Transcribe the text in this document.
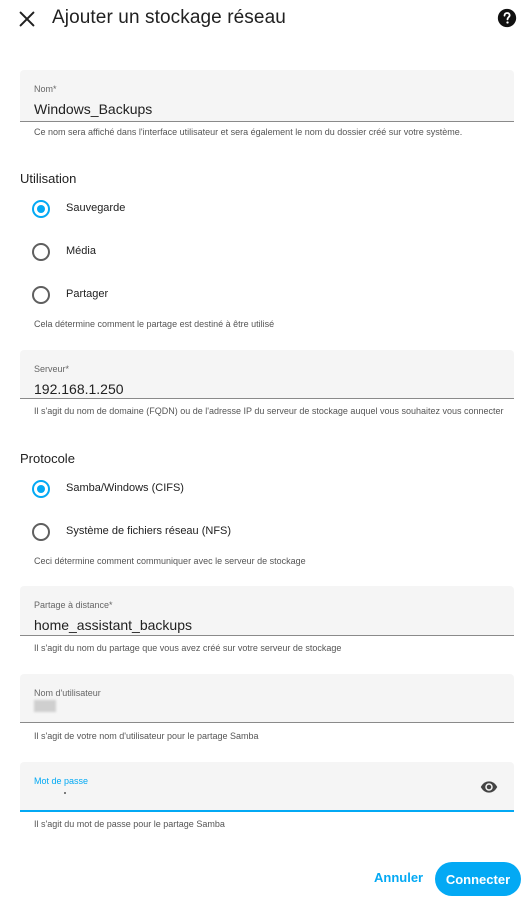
Ajouter un stockage réseau
Nom*
Windows_Backups
Ce nom sera affiché dans l'interface utilisateur et sera également le nom du dossier créé sur votre système.
Utilisation
Sauvegarde
Média
Partager
Cela détermine comment le partage est destiné à être utilisé
Serveur*
192.168.1.250
Il s'agit du nom de domaine (FQDN) ou de l'adresse IP du serveur de stockage auquel vous souhaitez vous connecter
Protocole
Samba/Windows (CIFS)
Système de fichiers réseau (NFS)
Ceci détermine comment communiquer avec le serveur de stockage
Partage à distance*
home_assistant_backups
Il s'agit du nom du partage que vous avez créé sur votre serveur de stockage
Nom d'utilisateur
Il s'agit de votre nom d'utilisateur pour le partage Samba
Mot de passe
Il s'agit du mot de passe pour le partage Samba
Annuler	Connecter
